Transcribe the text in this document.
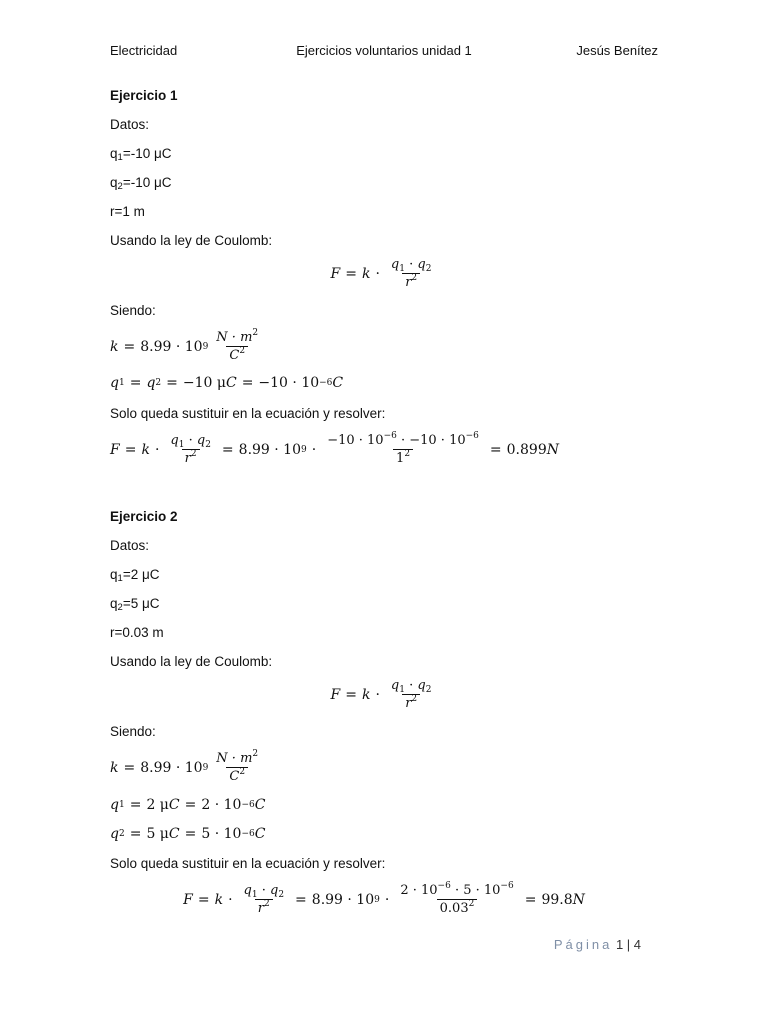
Electricidad	Ejercicios voluntarios unidad 1	Jesús Benítez
Ejercicio 1
Datos:
$q_1=-10$ μC
$q_2=-10$ μC
r=1 m
Usando la ley de Coulomb:
$F = k \cdot \frac{q_1 \cdot q_2}{r^2}$
Siendo:
k = 8.99 · 10 $9 \frac{N \cdot m^2}{C^2}$
q 1 = q 2 = −10 μ C = −10 · 10 −6 C
Solo queda sustituir en la ecuación y resolver:
$F = k \cdot \frac{q_1 \cdot q_2}{r^2} = 8.99 \cdot 10$ $9 \cdot \frac{-10 \cdot 10^{-6} \cdot -10 \cdot 10^{-6}}{1^2} = 0.899$ N
Ejercicio 2
Datos:
$q_1=2$ μC
$q_2=5$ μC
r=0.03 m
Usando la ley de Coulomb:
$F = k \cdot \frac{q_1 \cdot q_2}{r^2}$
Siendo:
k = 8.99 · 10 $9 \frac{N \cdot m^2}{C^2}$
q 1 = 2 μ C = 2 · 10 −6 C
q 2 = 5 μ C = 5 · 10 −6 C
Solo queda sustituir en la ecuación y resolver:
$F = k \cdot \frac{q_1 \cdot q_2}{r^2} = 8.99 \cdot 10$ $9 \cdot \frac{2 \cdot 10^{-6} \cdot 5 \cdot 10^{-6}}{0.03^2} = 99.8$ N
Página 1 | 4
